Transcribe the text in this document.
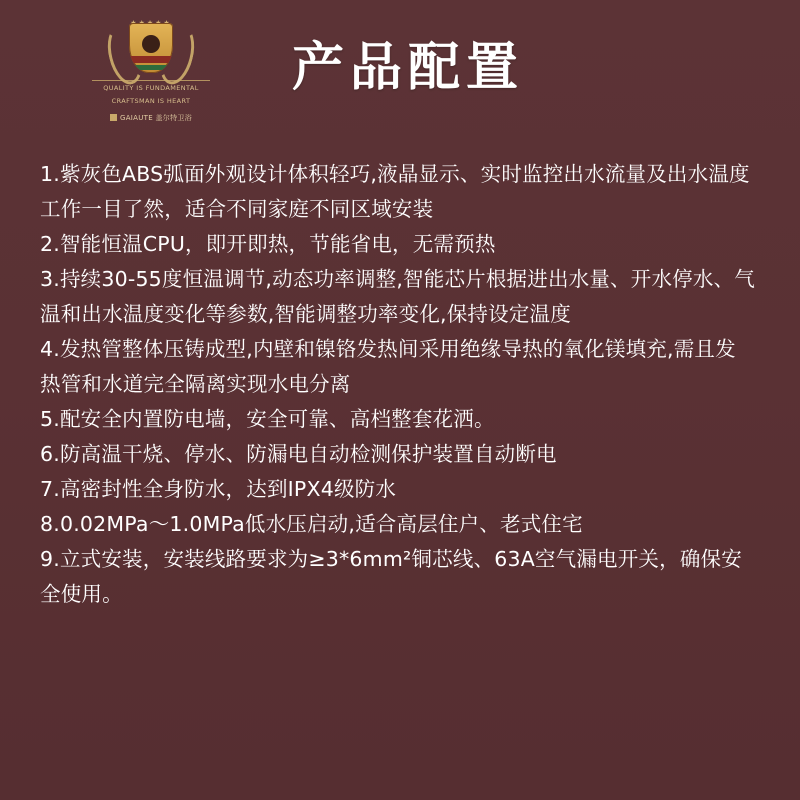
QUALITY IS FUNDAMENTAL
CRAFTSMAN IS HEART
GAIAUTE 盖尔特卫浴
产品配置
1.紫灰色ABS弧面外观设计体积轻巧,液晶显示、实时监控出水流量及出水温度工作一目了然，适合不同家庭不同区域安装
2.智能恒温CPU，即开即热，节能省电，无需预热
3.持续30-55度恒温调节,动态功率调整,智能芯片根据进出水量、开水停水、气温和出水温度变化等参数,智能调整功率变化,保持设定温度
4.发热管整体压铸成型,内壁和镍铬发热间采用绝缘导热的氧化镁填充,需且发热管和水道完全隔离实现水电分离
5.配安全内置防电墙，安全可靠、高档整套花洒。
6.防高温干烧、停水、防漏电自动检测保护装置自动断电
7.高密封性全身防水，达到IPX4级防水
8.0.02MPa～1.0MPa低水压启动,适合高层住户、老式住宅
9.立式安装，安装线路要求为≥3*6mm²铜芯线、63A空气漏电开关，确保安全使用。
